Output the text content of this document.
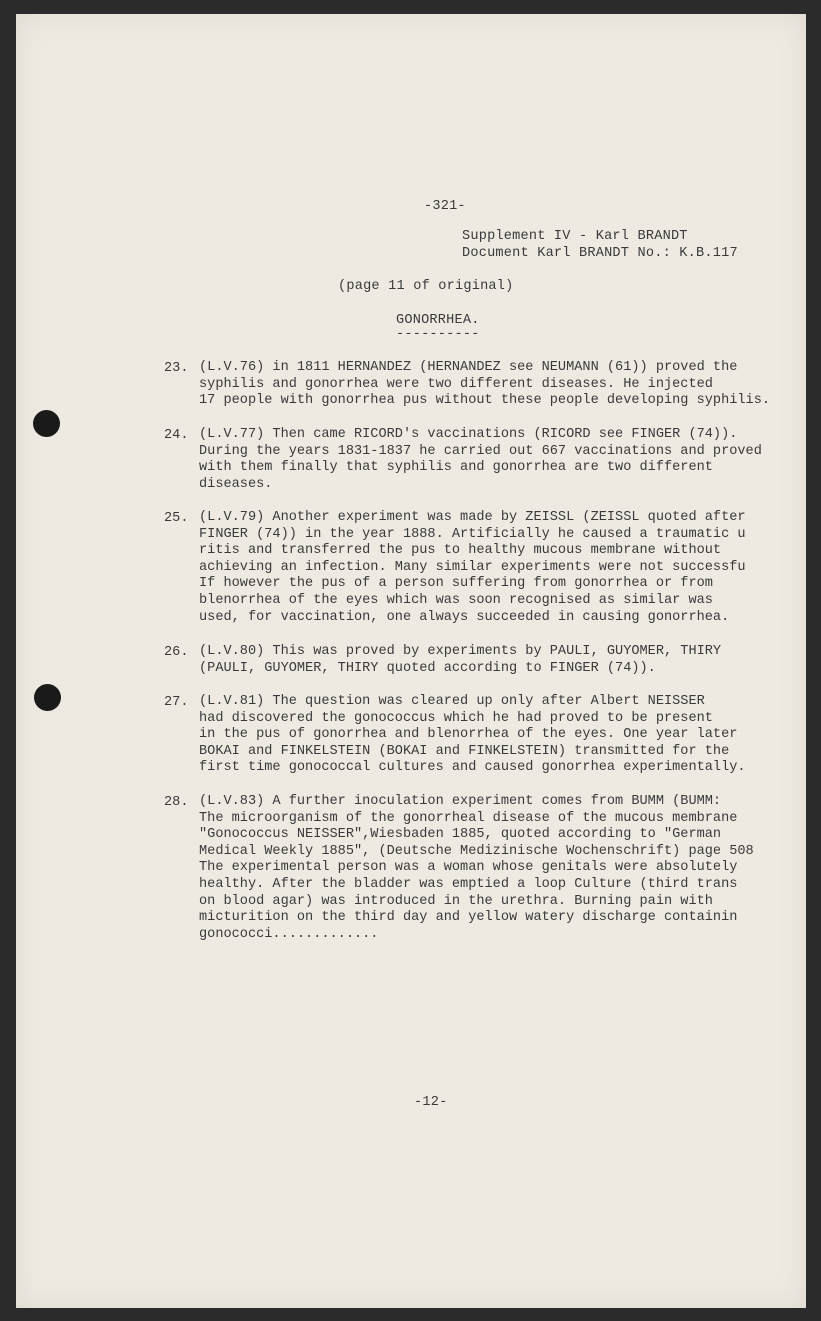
-321-
Supplement IV - Karl BRANDT
Document Karl BRANDT No.: K.B.117
(page 11 of original)
GONORRHEA.
----------
23. (L.V.76) in 1811 HERNANDEZ (HERNANDEZ see NEUMANN (61)) proved the
syphilis and gonorrhea were two different diseases. He injected
17 people with gonorrhea pus without these people developing syphilis.
24. (L.V.77) Then came RICORD's vaccinations (RICORD see FINGER (74)).
During the years 1831-1837 he carried out 667 vaccinations and proved
with them finally that syphilis and gonorrhea are two different
diseases.
25. (L.V.79) Another experiment was made by ZEISSL (ZEISSL quoted after
FINGER (74)) in the year 1888. Artificially he caused a traumatic u
ritis and transferred the pus to healthy mucous membrane without
achieving an infection. Many similar experiments were not successfu
If however the pus of a person suffering from gonorrhea or from
blenorrhea of the eyes which was soon recognised as similar was
used, for vaccination, one always succeeded in causing gonorrhea.
26. (L.V.80) This was proved by experiments by PAULI, GUYOMER, THIRY
(PAULI, GUYOMER, THIRY quoted according to FINGER (74)).
27. (L.V.81) The question was cleared up only after Albert NEISSER
had discovered the gonococcus which he had proved to be present
in the pus of gonorrhea and blenorrhea of the eyes. One year later
BOKAI and FINKELSTEIN (BOKAI and FINKELSTEIN) transmitted for the
first time gonococcal cultures and caused gonorrhea experimentally.
28. (L.V.83) A further inoculation experiment comes from BUMM (BUMM:
The microorganism of the gonorrheal disease of the mucous membrane
"Gonococcus NEISSER",Wiesbaden 1885, quoted according to "German
Medical Weekly 1885", (Deutsche Medizinische Wochenschrift) page 508
The experimental person was a woman whose genitals were absolutely
healthy. After the bladder was emptied a loop Culture (third trans
on blood agar) was introduced in the urethra. Burning pain with
micturition on the third day and yellow watery discharge containin
gonococci.............
-12-
